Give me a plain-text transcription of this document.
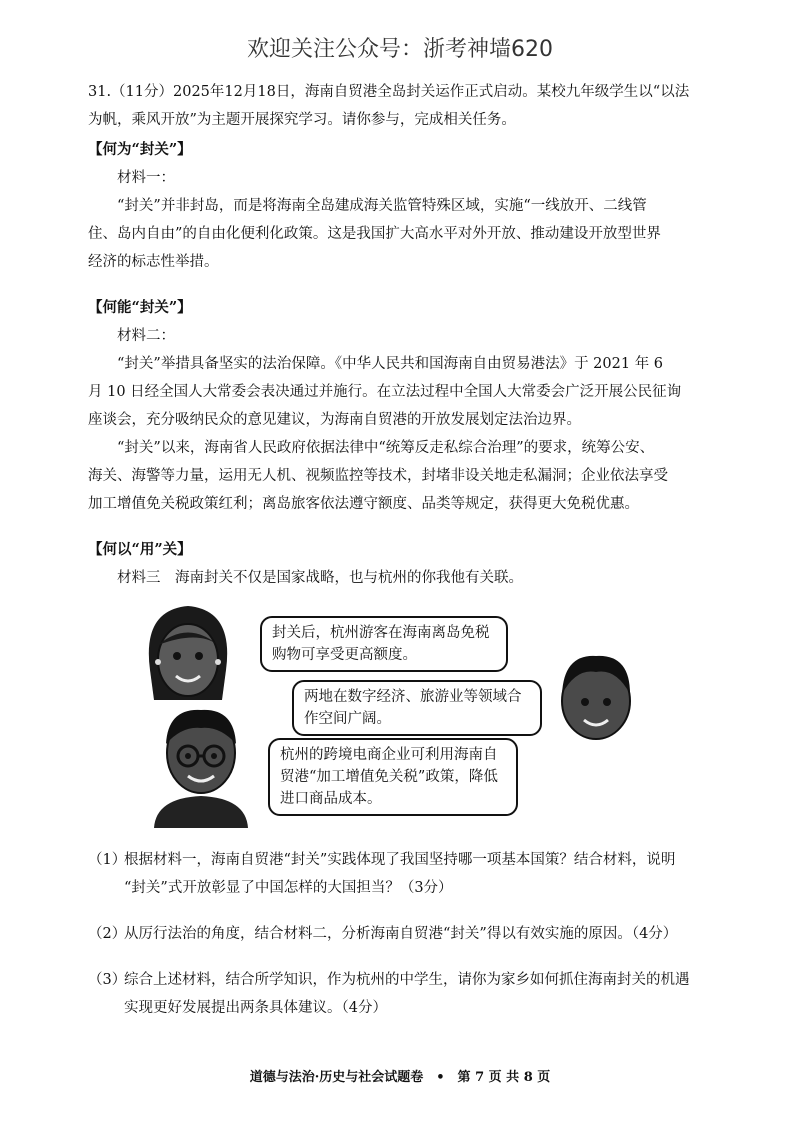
欢迎关注公众号：浙考神墙620

31.（11分）2025年12月18日，海南自贸港全岛封关运作正式启动。某校九年级学生以“以法

为帆，乘风开放”为主题开展探究学习。请你参与，完成相关任务。

【何为“封关”】

材料一：

“封关”并非封岛，而是将海南全岛建成海关监管特殊区域，实施“一线放开、二线管

住、岛内自由”的自由化便利化政策。这是我国扩大高水平对外开放、推动建设开放型世界

经济的标志性举措。

【何能“封关”】

材料二：

“封关”举措具备坚实的法治保障。《中华人民共和国海南自由贸易港法》于 2021 年 6

月 10 日经全国人大常委会表决通过并施行。在立法过程中全国人大常委会广泛开展公民征询

座谈会，充分吸纳民众的意见建议，为海南自贸港的开放发展划定法治边界。

“封关”以来，海南省人民政府依据法律中“统筹反走私综合治理”的要求，统筹公安、

海关、海警等力量，运用无人机、视频监控等技术，封堵非设关地走私漏洞；企业依法享受

加工增值免关税政策红利；离岛旅客依法遵守额度、品类等规定，获得更大免税优惠。

【何以“用”关】

材料三　海南封关不仅是国家战略，也与杭州的你我他有关联。

封关后，杭州游客在海南离岛免税购物可享受更高额度。
两地在数字经济、旅游业等领域合作空间广阔。
杭州的跨境电商企业可利用海南自贸港“加工增值免关税”政策，降低进口商品成本。
（1）
根据材料一，海南自贸港“封关”实践体现了我国坚持哪一项基本国策？结合材料，说明
“封关”式开放彰显了中国怎样的大国担当？（3分）
（2）
从厉行法治的角度，结合材料二，分析海南自贸港“封关”得以有效实施的原因。（4分）
（3）
综合上述材料，结合所学知识，作为杭州的中学生，请你为家乡如何抓住海南封关的机遇
实现更好发展提出两条具体建议。（4分）
道德与法治·历史与社会试题卷　•　第 7 页 共 8 页
